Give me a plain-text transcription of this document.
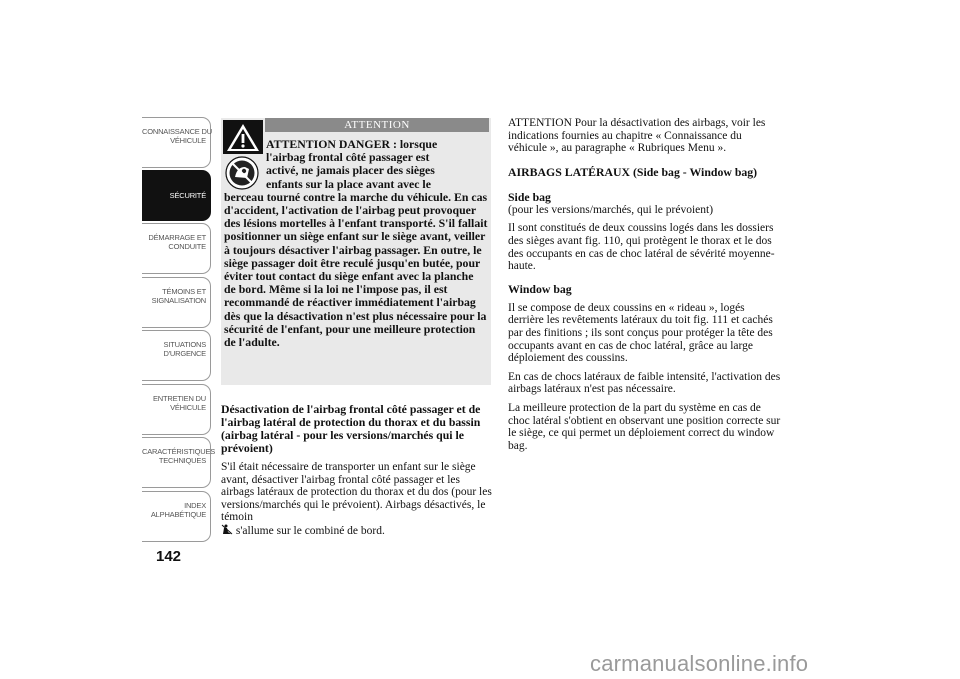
CONNAISSANCE DU
VÉHICULE
SÉCURITÉ
DÉMARRAGE ET
CONDUITE
TÉMOINS ET
SIGNALISATION
SITUATIONS
D'URGENCE
ENTRETIEN DU
VÉHICULE
CARACTÉRISTIQUES
TECHNIQUES
INDEX
ALPHABÉTIQUE
142
ATTENTION
ATTENTION DANGER : lorsque
l'airbag frontal côté passager est
activé, ne jamais placer des sièges
enfants sur la place avant avec le
berceau tourné contre la marche du véhicule. En cas d'accident, l'activation de l'airbag peut provoquer des lésions mortelles à l'enfant transporté. S'il fallait positionner un siège enfant sur le siège avant, veiller à toujours désactiver l'airbag passager. En outre, le siège passager doit être reculé jusqu'en butée, pour éviter tout contact du siège enfant avec la planche de bord. Même si la loi ne l'impose pas, il est recommandé de réactiver immédiatement l'airbag dès que la désactivation n'est plus nécessaire pour la sécurité de l'enfant, pour une meilleure protection de l'adulte.
Désactivation de l'airbag frontal côté passager et de l'airbag latéral de protection du thorax et du bassin (airbag latéral - pour les versions/marchés qui le prévoient)

S'il était nécessaire de transporter un enfant sur le siège avant, désactiver l'airbag frontal côté passager et les airbags latéraux de protection du thorax et du dos (pour les versions/marchés qui le prévoient). Airbags désactivés, le témoin
s'allume sur le combiné de bord.

ATTENTION Pour la désactivation des airbags, voir les indications fournies au chapitre « Connaissance du véhicule », au paragraphe « Rubriques Menu ».

AIRBAGS LATÉRAUX (Side bag - Window bag)
Side bag

(pour les versions/marchés, qui le prévoient)

Il sont constitués de deux coussins logés dans les dossiers des sièges avant fig. 110, qui protègent le thorax et le dos des occupants en cas de choc latéral de sévérité moyenne-haute.

Window bag

Il se compose de deux coussins en « rideau », logés derrière les revêtements latéraux du toit fig. 111 et cachés par des finitions ; ils sont conçus pour protéger la tête des occupants avant en cas de choc latéral, grâce au large déploiement des coussins.

En cas de chocs latéraux de faible intensité, l'activation des airbags latéraux n'est pas nécessaire.

La meilleure protection de la part du système en cas de choc latéral s'obtient en observant une position correcte sur le siège, ce qui permet un déploiement correct du window bag.

carmanualsonline.info
